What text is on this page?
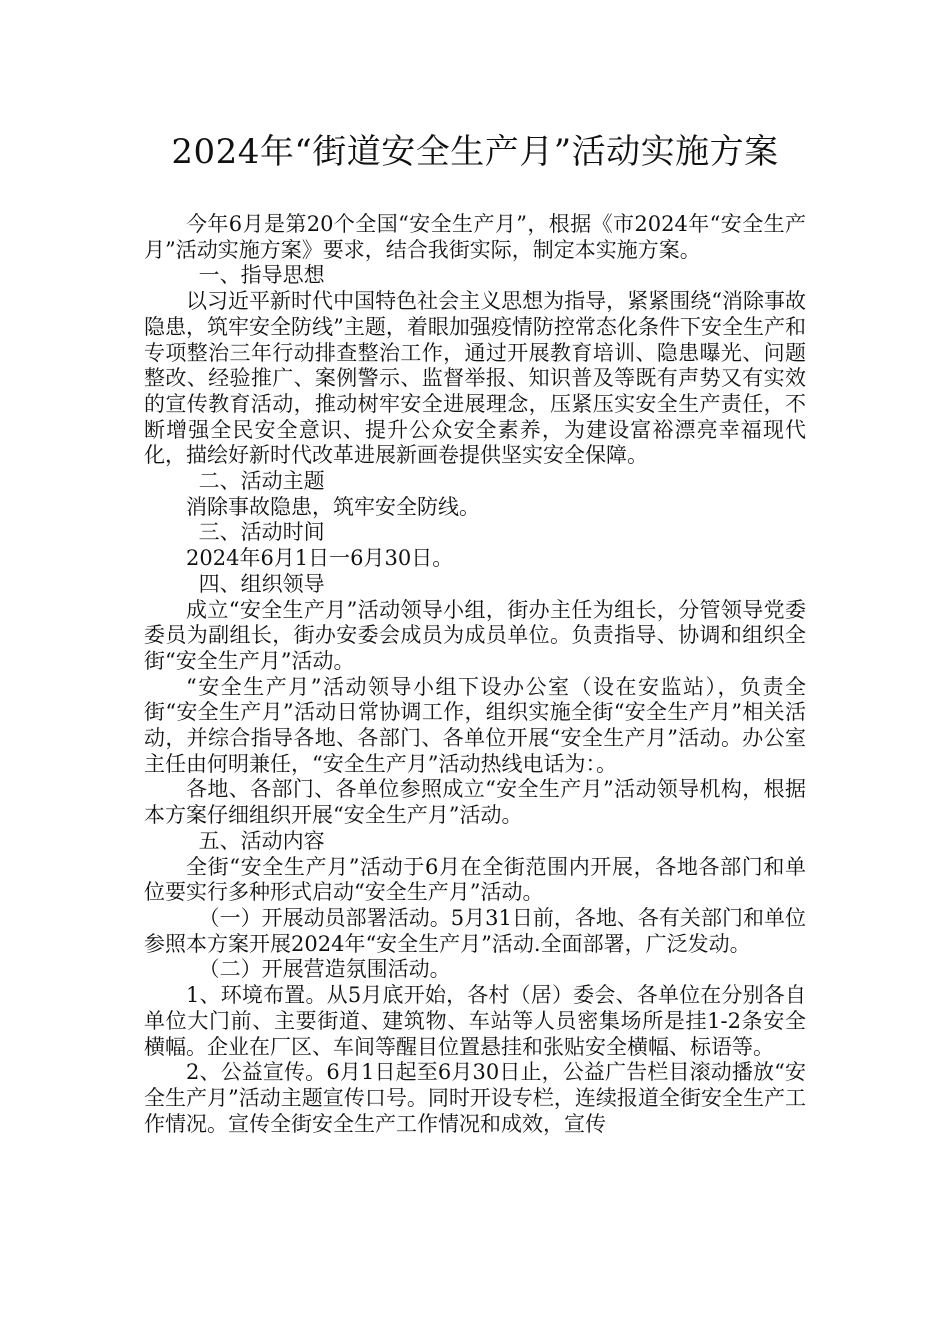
2024年“街道安全生产月”活动实施方案

今年6月是第20个全国“安全生产月”，根据《市2024年“安全生产月”活动实施方案》要求，结合我街实际，制定本实施方案。

一、指导思想

以习近平新时代中国特色社会主义思想为指导，紧紧围绕“消除事故隐患，筑牢安全防线”主题，着眼加强疫情防控常态化条件下安全生产和专项整治三年行动排查整治工作，通过开展教育培训、隐患曝光、问题整改、经验推广、案例警示、监督举报、知识普及等既有声势又有实效的宣传教育活动，推动树牢安全进展理念，压紧压实安全生产责任，不断增强全民安全意识、提升公众安全素养，为建设富裕漂亮幸福现代化，描绘好新时代改革进展新画卷提供坚实安全保障。

二、活动主题

消除事故隐患，筑牢安全防线。

三、活动时间

2024年6月1日一6月30日。

四、组织领导

成立“安全生产月”活动领导小组，街办主任为组长，分管领导党委委员为副组长，街办安委会成员为成员单位。负责指导、协调和组织全街“安全生产月”活动。

“安全生产月”活动领导小组下设办公室（设在安监站），负责全街“安全生产月”活动日常协调工作，组织实施全街“安全生产月”相关活动，并综合指导各地、各部门、各单位开展“安全生产月”活动。办公室主任由何明兼任，“安全生产月”活动热线电话为：。

各地、各部门、各单位参照成立“安全生产月”活动领导机构，根据本方案仔细组织开展“安全生产月”活动。

五、活动内容

全街“安全生产月”活动于6月在全街范围内开展，各地各部门和单位要实行多种形式启动“安全生产月”活动。

（一）开展动员部署活动。5月31日前，各地、各有关部门和单位参照本方案开展2024年“安全生产月”活动.全面部署，广泛发动。

（二）开展营造氛围活动。

1、环境布置。从5月底开始，各村（居）委会、各单位在分别各自单位大门前、主要街道、建筑物、车站等人员密集场所是挂1-2条安全横幅。企业在厂区、车间等醒目位置悬挂和张贴安全横幅、标语等。

2、公益宣传。6月1日起至6月30日止，公益广告栏目滚动播放“安全生产月”活动主题宣传口号。同时开设专栏，连续报道全街安全生产工作情况。宣传全街安全生产工作情况和成效，宣传
